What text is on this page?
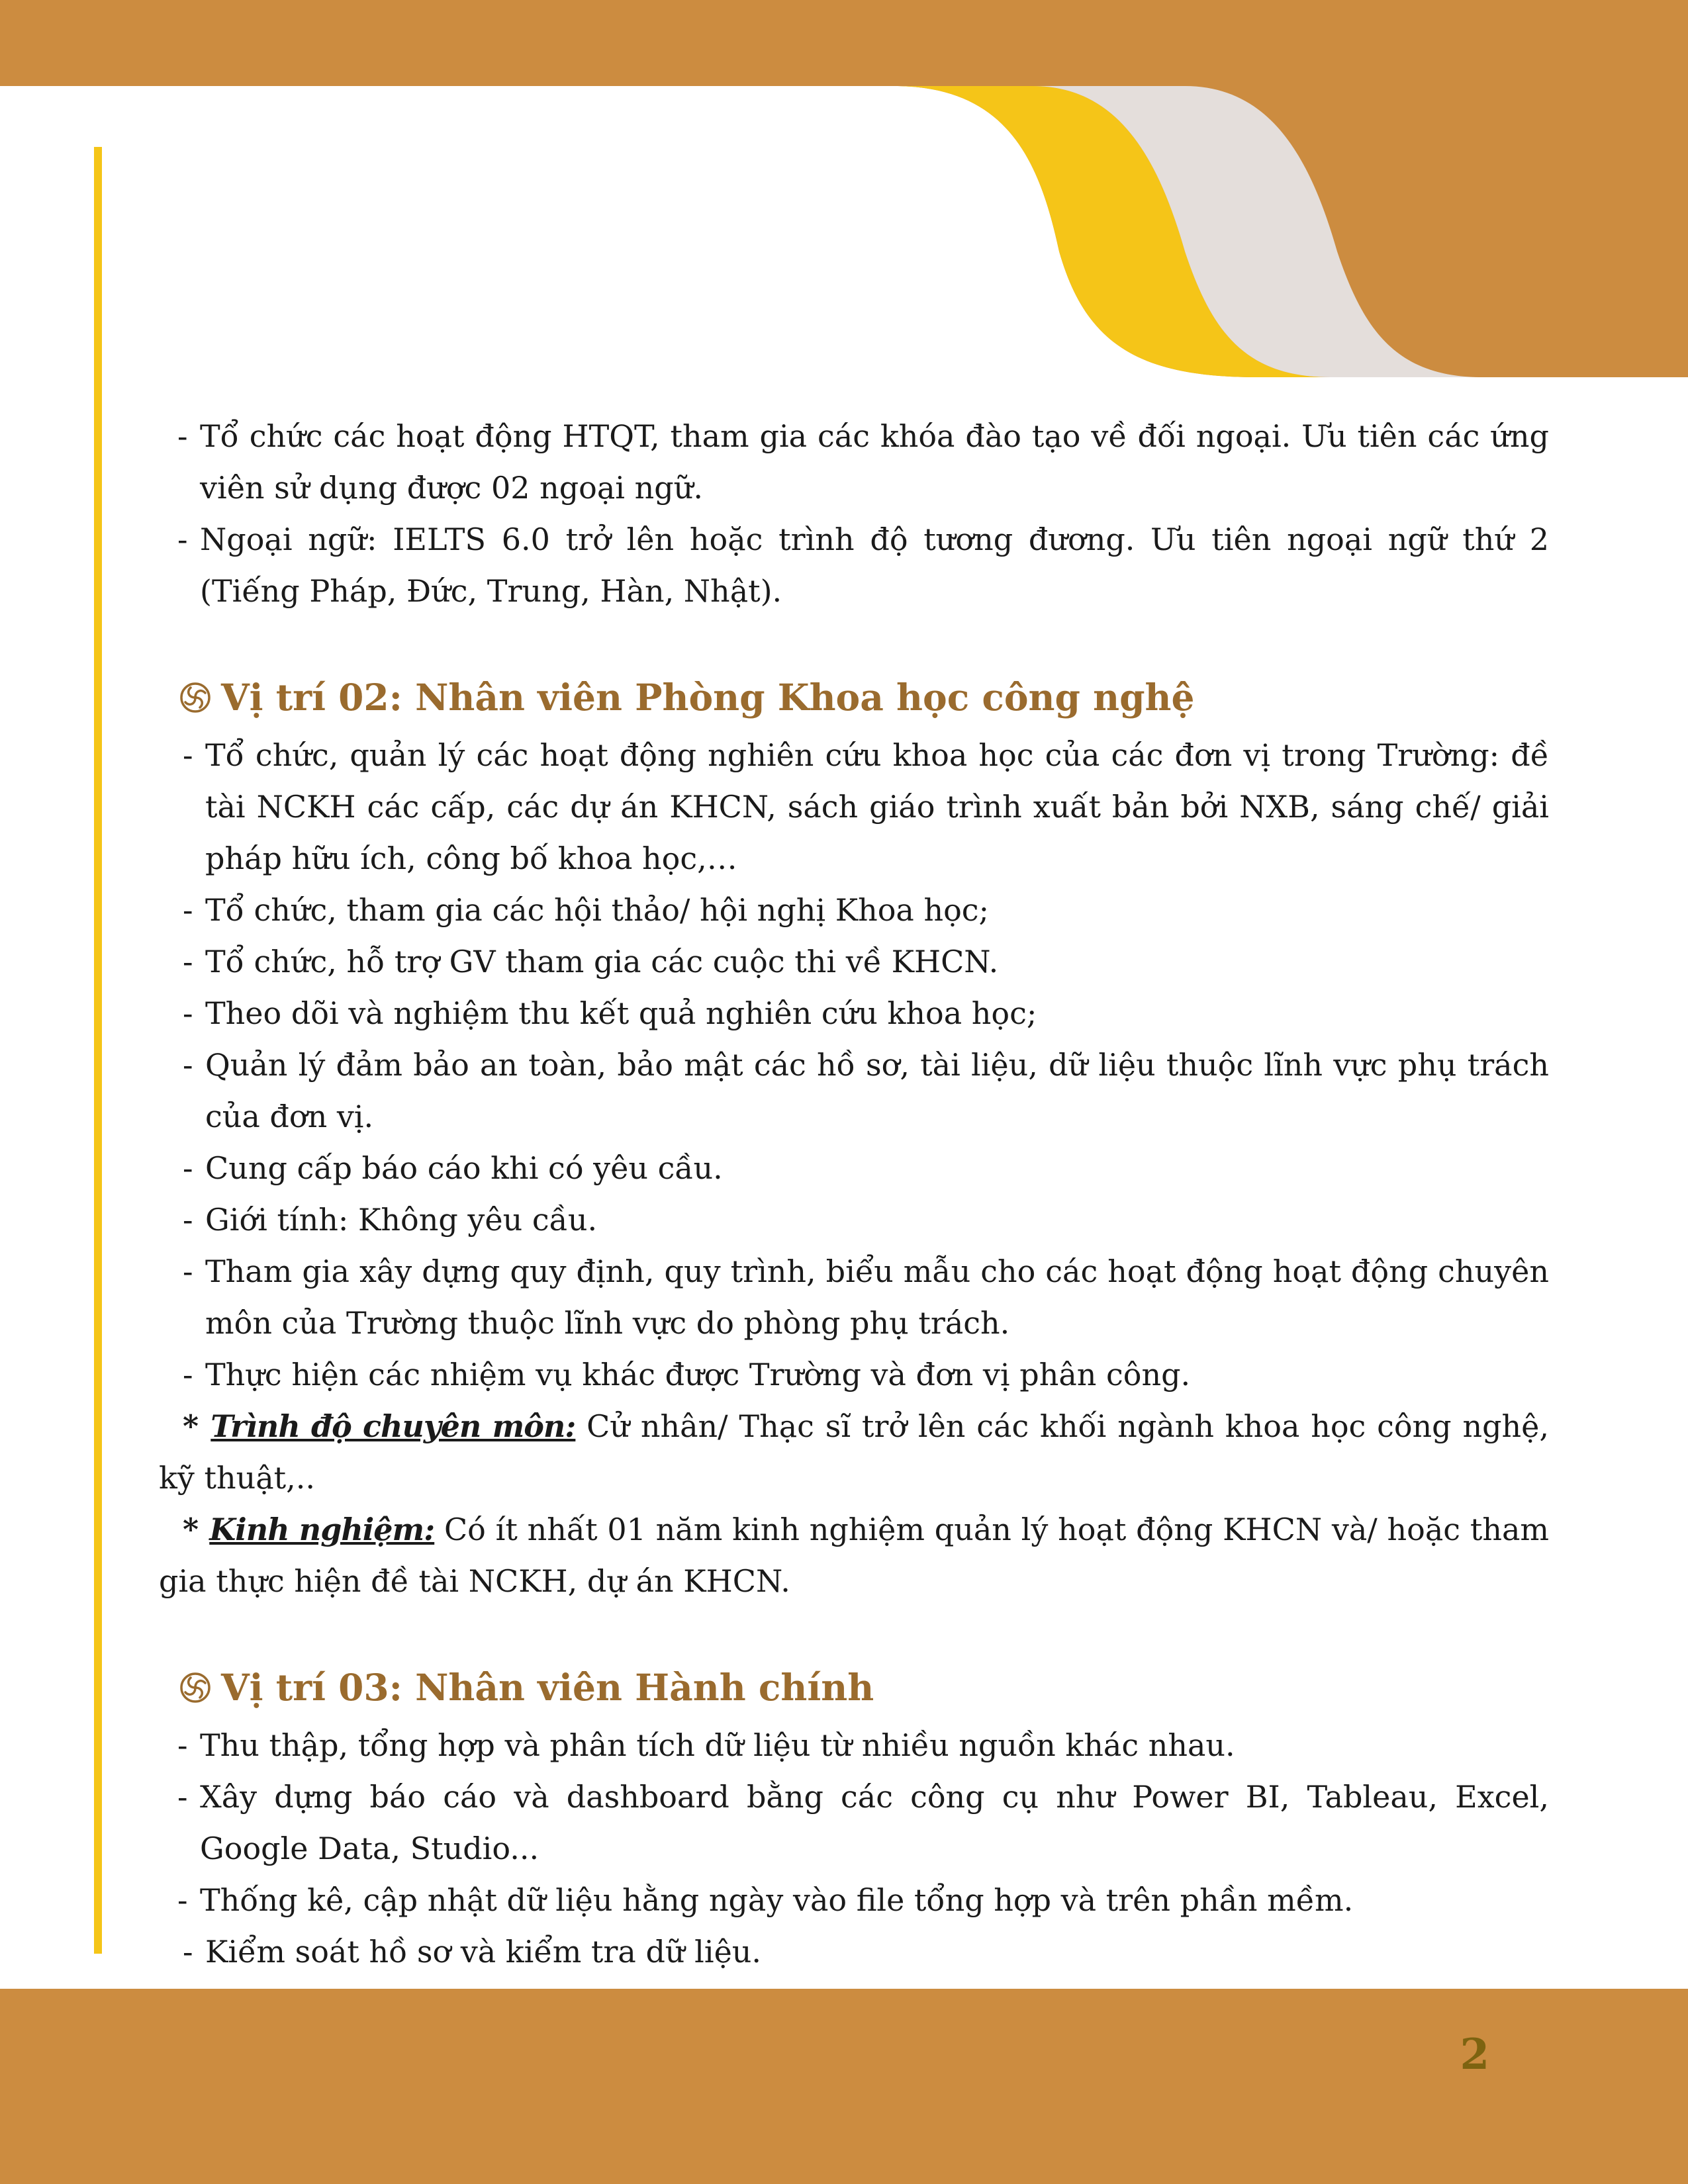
- Tổ chức các hoạt động HTQT, tham gia các khóa đào tạo về đối ngoại. Ưu tiên các ứng viên sử dụng được 02 ngoại ngữ.
- Ngoại ngữ: IELTS 6.0 trở lên hoặc trình độ tương đương. Ưu tiên ngoại ngữ thứ 2 (Tiếng Pháp, Đức, Trung, Hàn, Nhật).
Vị trí 02: Nhân viên Phòng Khoa học công nghệ
- Tổ chức, quản lý các hoạt động nghiên cứu khoa học của các đơn vị trong Trường: đề tài NCKH các cấp, các dự án KHCN, sách giáo trình xuất bản bởi NXB, sáng chế/ giải pháp hữu ích, công bố khoa học,…
- Tổ chức, tham gia các hội thảo/ hội nghị Khoa học;
- Tổ chức, hỗ trợ GV tham gia các cuộc thi về KHCN.
- Theo dõi và nghiệm thu kết quả nghiên cứu khoa học;
- Quản lý đảm bảo an toàn, bảo mật các hồ sơ, tài liệu, dữ liệu thuộc lĩnh vực phụ trách của đơn vị.
- Cung cấp báo cáo khi có yêu cầu.
- Giới tính: Không yêu cầu.
- Tham gia xây dựng quy định, quy trình, biểu mẫu cho các hoạt động hoạt động chuyên môn của Trường thuộc lĩnh vực do phòng phụ trách.
- Thực hiện các nhiệm vụ khác được Trường và đơn vị phân công.
* Trình độ chuyên môn: Cử nhân/ Thạc sĩ trở lên các khối ngành khoa học công nghệ, kỹ thuật,..
* Kinh nghiệm: Có ít nhất 01 năm kinh nghiệm quản lý hoạt động KHCN và/ hoặc tham gia thực hiện đề tài NCKH, dự án KHCN.
Vị trí 03: Nhân viên Hành chính
- Thu thập, tổng hợp và phân tích dữ liệu từ nhiều nguồn khác nhau.
- Xây dựng báo cáo và dashboard bằng các công cụ như Power BI, Tableau, Excel, Google Data, Studio...
- Thống kê, cập nhật dữ liệu hằng ngày vào file tổng hợp và trên phần mềm.
- Kiểm soát hồ sơ và kiểm tra dữ liệu.
2
